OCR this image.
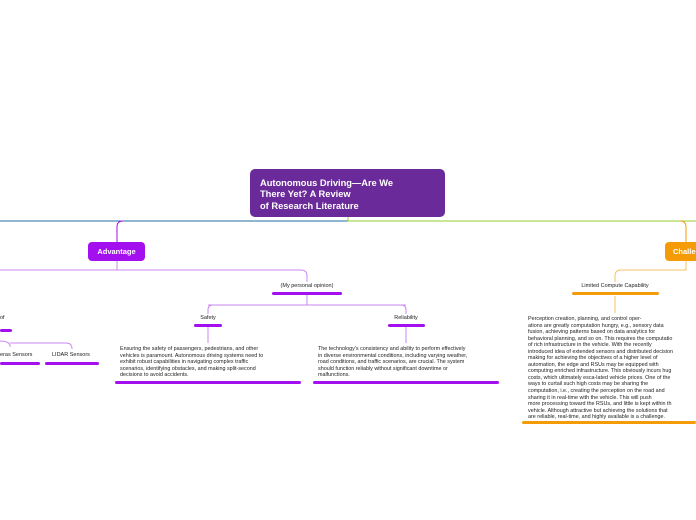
Autonomous Driving—Are We
There Yet? A Review
of Research Literature
Advantage	Challe
of
eras Sensors	LIDAR Sensors
(My personal opinion)
Safety
Ensuring the safety of passengers, pedestrians, and other
vehicles is paramount. Autonomous driving systems need to
exhibit robust capabilities in navigating complex traffic
scenarios, identifying obstacles, and making split-second
decisions to avoid accidents.
Reliability
The technology's consistency and ability to perform effectively
in diverse environmental conditions, including varying weather,
road conditions, and traffic scenarios, are crucial. The system
should function reliably without significant downtime or
malfunctions.
Limited Compute Capability
Perception creation, planning, and control oper-
ations are greatly computation hungry, e.g., sensory data
fusion, achieving patterns based on data analytics for
behavioral planning, and so on. This requires the computatio
of rich infrastructure in the vehicle. With the recently
introduced idea of extended sensors and distributed decision
making for achieving the objectives of a higher level of
automation, the edge and RSUs may be equipped with
computing enriched infrastructure. This obviously incurs hug
costs, which ultimately esca-lated vehicle prices. One of the
ways to curtail such high costs may be sharing the
computation, i.e., creating the perception on the road and
sharing it in real-time with the vehicle. This will push
more processing toward the RSUs, and little is kept within th
vehicle. Although attractive but achieving the solutions that
are reliable, real-time, and highly available is a challenge.
